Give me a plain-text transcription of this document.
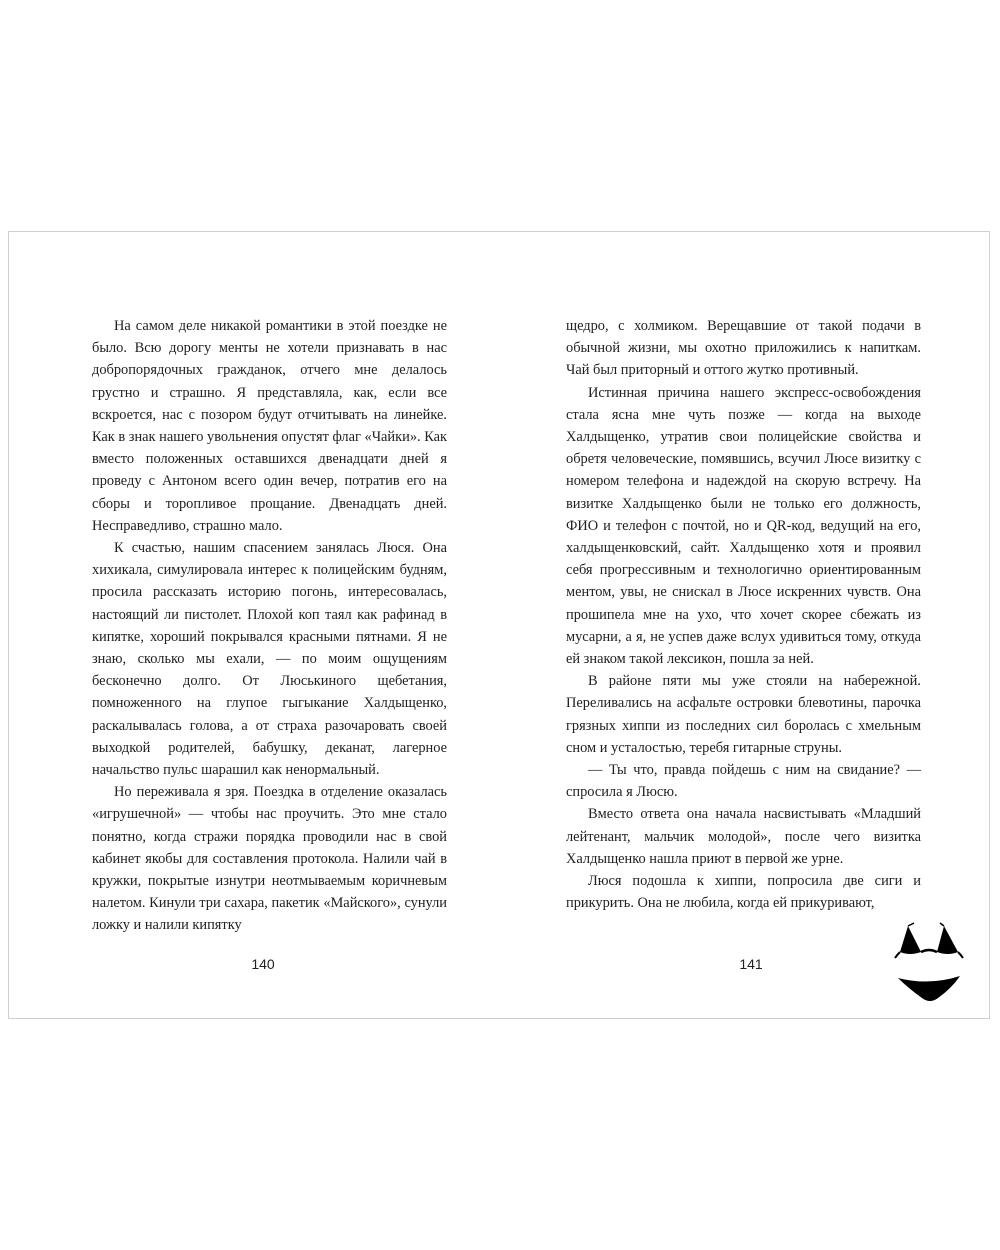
На самом деле никакой романтики в этой поездке не было. Всю дорогу менты не хотели признавать в нас добропорядочных гражданок, отчего мне делалось грустно и страшно. Я представляла, как, если все вскроется, нас с позором будут отчитывать на линейке. Как в знак нашего увольнения опустят флаг «Чайки». Как вместо положенных оставшихся двенадцати дней я проведу с Антоном всего один вечер, потратив его на сборы и торопливое прощание. Двенадцать дней. Несправедливо, страшно мало.

К счастью, нашим спасением занялась Люся. Она хихикала, симулировала интерес к полицейским будням, просила рассказать историю погонь, интересовалась, настоящий ли пистолет. Плохой коп таял как рафинад в кипятке, хороший покрывался красными пятнами. Я не знаю, сколько мы ехали, — по моим ощущениям бесконечно долго. От Люськиного щебетания, помноженного на глупое гыгыкание Халдыщенко, раскалывалась голова, а от страха разочаровать своей выходкой родителей, бабушку, деканат, лагерное начальство пульс шарашил как ненормальный.

Но переживала я зря. Поездка в отделение оказалась «игрушечной» — чтобы нас проучить. Это мне стало понятно, когда стражи порядка проводили нас в свой кабинет якобы для составления протокола. Налили чай в кружки, покрытые изнутри неотмываемым коричневым налетом. Кинули три сахара, пакетик «Майского», сунули ложку и налили кипятку

щедро, с холмиком. Верещавшие от такой подачи в обычной жизни, мы охотно приложились к напиткам. Чай был приторный и оттого жутко противный.

Истинная причина нашего экспресс-освобождения стала ясна мне чуть позже — когда на выходе Халдыщенко, утратив свои полицейские свойства и обретя человеческие, помявшись, всучил Люсе визитку с номером телефона и надеждой на скорую встречу. На визитке Халдыщенко были не только его должность, ФИО и телефон с почтой, но и QR-код, ведущий на его, халдыщенковский, сайт. Халдыщенко хотя и проявил себя прогрессивным и технологично ориентированным ментом, увы, не снискал в Люсе искренних чувств. Она прошипела мне на ухо, что хочет скорее сбежать из мусарни, а я, не успев даже вслух удивиться тому, откуда ей знаком такой лексикон, пошла за ней.

В районе пяти мы уже стояли на набережной. Переливались на асфальте островки блевотины, парочка грязных хиппи из последних сил боролась с хмельным сном и усталостью, теребя гитарные струны.

— Ты что, правда пойдешь с ним на свидание? — спросила я Люсю.

Вместо ответа она начала насвистывать «Младший лейтенант, мальчик молодой», после чего визитка Халдыщенко нашла приют в первой же урне.

Люся подошла к хиппи, попросила две сиги и прикурить. Она не любила, когда ей прикуривают,

140	141
